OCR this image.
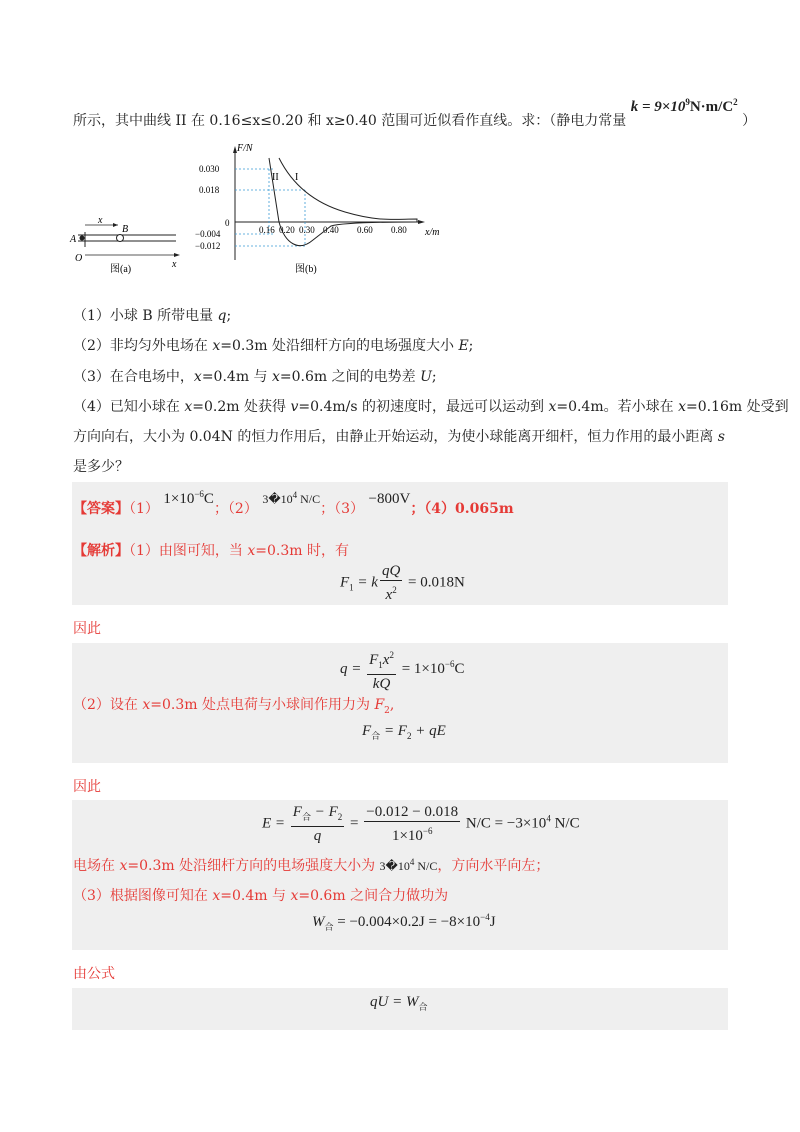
所示，其中曲线 II 在 0.16≤x≤0.20 和 x≥0.40 范围可近似看作直线。求：（静电力常量 $k = 9\times 10^9N\cdot m/C^2$ ）
A
O
B
x
x
图(a)
F/N
x/m
0.030
0.018
0
−0.004
−0.012
0.16 0.20 0.30 0.40 0.60 0.80
II I
图(b)
（1）小球 B 所带电量 q;
（2）非均匀外电场在 x=0.3m 处沿细杆方向的电场强度大小 E;
（3）在合电场中，x=0.4m 与 x=0.6m 之间的电势差 U;
（4）已知小球在 x=0.2m 处获得 v=0.4m/s 的初速度时，最远可以运动到 x=0.4m。若小球在 x=0.16m 处受到
方向向右，大小为 0.04N 的恒力作用后，由静止开始运动，为使小球能离开细杆，恒力作用的最小距离 s
是多少？
【答案】（1） $1\times 10^{-6}C$；（2） $3�10^4$ N/C；（3） −800V；（4）0.065m
【解析】（1）由图可知，当 x=0.3m 时，有
$F_1 = k \frac{qQ}{x^2} = 0.018N$
因此
$q = \frac{F_1x^2}{kQ} = 1\times 10^{-6}C$
（2）设在 x=0.3m 处点电荷与小球间作用力为 $F_2$,
$F_合 = F_2$ + qE
因此
$E = \frac{F_合 - F_2}{q} = \frac{-0.012 - 0.018}{1\times 10^{-6}} N/C = -3\times 10^4$ N/C
电场在 x=0.3m 处沿细杆方向的电场强度大小为 $3�10^4$ N/C，方向水平向左；
（3）根据图像可知在 x=0.4m 与 x=0.6m 之间合力做功为
$W_合 = -0.004\times 0.2J = -8\times 10^{-4}J$
由公式
qU = $W_合$
